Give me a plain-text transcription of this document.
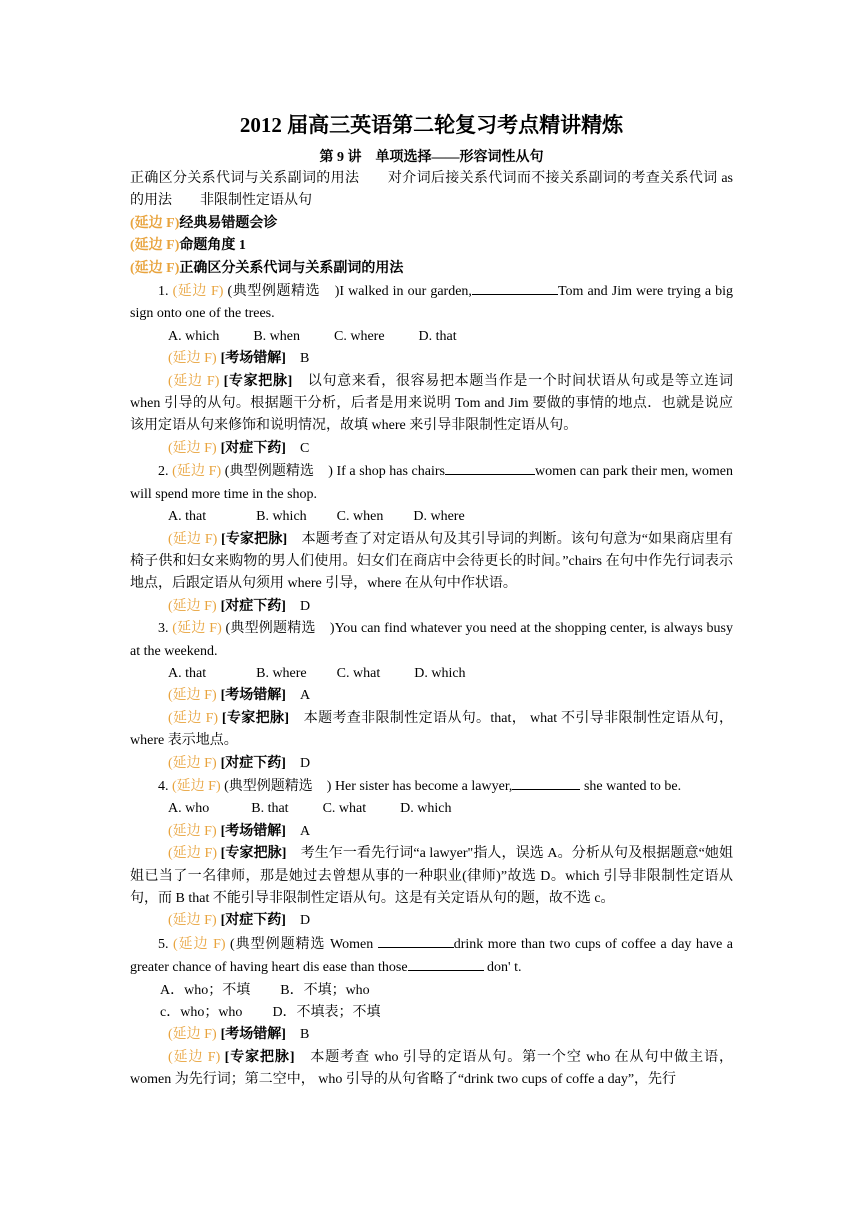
2012 届高三英语第二轮复习考点精讲精炼
第 9 讲　单项选择——形容词性从句

正确区分关系代词与关系副词的用法　　对介词后接关系代词而不接关系副词的考查关系代词 as 的用法　　非限制性定语从句

(延边 F)经典易错题会诊

(延边 F)命题角度 1

(延边 F)正确区分关系代词与关系副词的用法

1. (延边 F) (典型例题精选　)I walked in our garden,	Tom and Jim were trying a big sign onto one of the trees.

A. which B. when C. where D. that
(延边 F) [考场错解] B

(延边 F) [专家把脉]　 以句意来看，很容易把本题当作是一个时间状语从句或是等立连词 when 引导的从句。根据题干分析，后者是用来说明 Tom and Jim 要做的事情的地点．也就是说应该用定语从句来修饰和说明情况，故填 where 来引导非限制性定语从句。

(延边 F) [对症下药] C

2. (延边 F) (典型例题精选　) If a shop has chairs	women can park their men, women will spend more time in the shop.

A. that	B. which C. when D. where

(延边 F) [专家把脉]　 本题考查了对定语从句及其引导词的判断。该句句意为“如果商店里有椅子供和妇女来购物的男人们使用。妇女们在商店中会待更长的时间。”chairs 在句中作先行词表示地点，后跟定语从句须用 where 引导，where 在从句中作状语。

(延边 F) [对症下药] D

3. (延边 F) (典型例题精选　)You can find whatever you need at the shopping center, is always busy at the weekend.

A. that	B. where C. what D. which
(延边 F) [考场错解] A

(延边 F) [专家把脉]　 本题考查非限制性定语从句。that， what 不引导非限制性定语从句，where 表示地点。

(延边 F) [对症下药] D

4. (延边 F) (典型例题精选　) Her sister has become a lawyer,	she wanted to be.

A. who	B. that C. what D. which
(延边 F) [考场错解] A

(延边 F) [专家把脉]　 考生乍一看先行词“a lawyer"指人，误选 A。分析从句及根据题意“她姐姐已当了一名律师，那是她过去曾想从事的一种职业(律师)”故选 D。which 引导非限制性定语从句，而 B that 不能引导非限制性定语从句。这是有关定语从句的题，故不选 c。

(延边 F) [对症下药] D

5. (延边 F) (典型例题精选 Women	drink more than two cups of coffee a day have a greater chance of having heart dis ease than those	don' t.

A．who；不填 B．不填；who
c．who；who D．不填表；不填
(延边 F) [考场错解] B

(延边 F) [专家把脉]　 本题考查 who 引导的定语从句。第一个空 who 在从句中做主语，women 为先行词；第二空中， who 引导的从句省略了“drink two cups of coffe a day”，先行
